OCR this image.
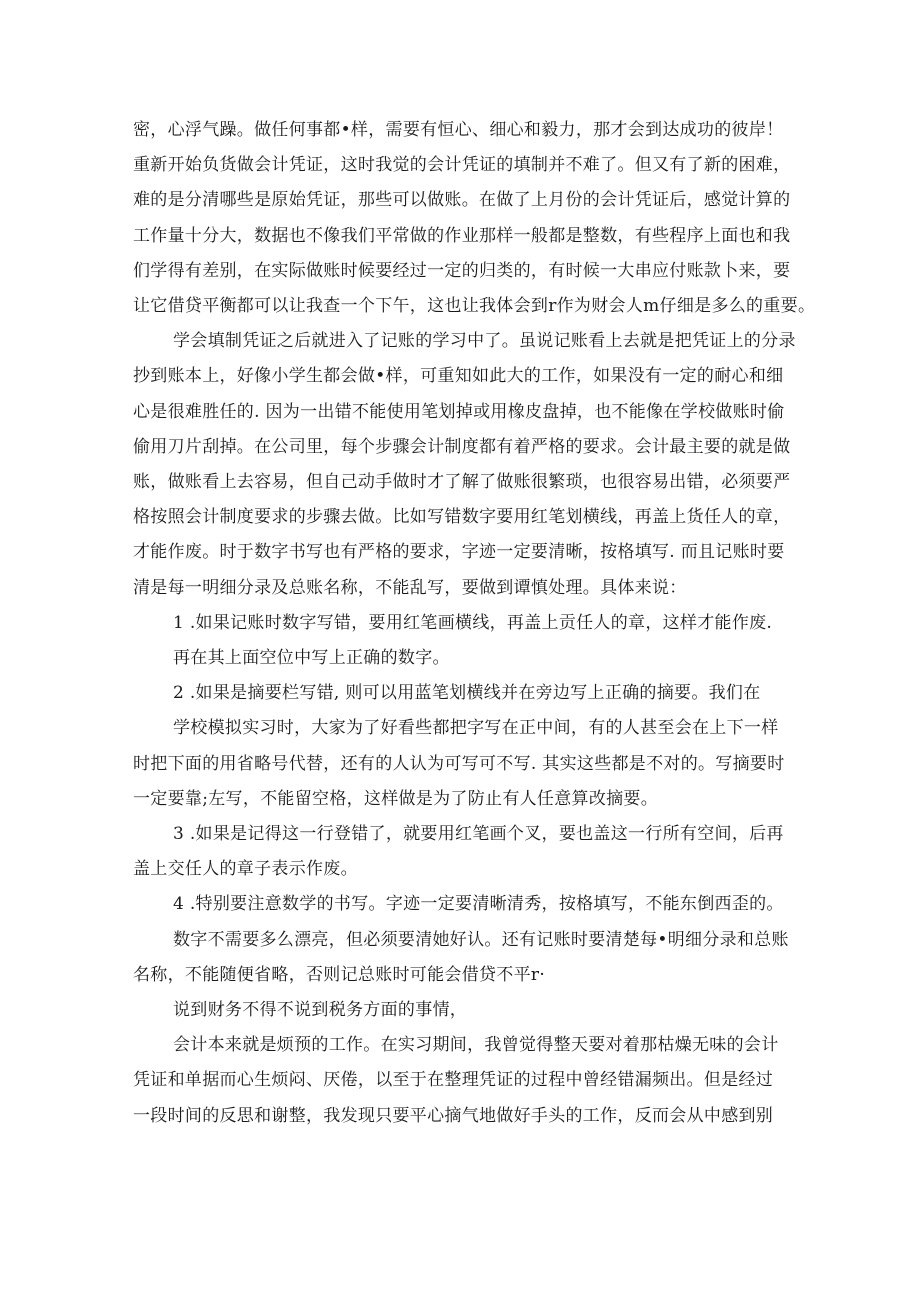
密，心浮气躁。做任何事都•样，需要有恒心、细心和毅力，那才会到达成功的彼岸！

重新开始负货做会计凭证，这时我觉的会计凭证的填制并不难了。但又有了新的困难，

难的是分清哪些是原始凭证，那些可以做账。在做了上月份的会计凭证后，感觉计算的

工作量十分大，数据也不像我们平常做的作业那样一般都是整数，有些程序上面也和我

们学得有差别，在实际做账时候要经过一定的归类的，有时候一大串应付账款卜来，要

让它借贷平衡都可以让我查一个下午，这也让我体会到r作为财会人m仔细是多么的重要。

学会填制凭证之后就进入了记账的学习中了。虽说记账看上去就是把凭证上的分录

抄到账本上，好像小学生都会做•样，可重知如此大的工作，如果没有一定的耐心和细

心是很难胜任的. 因为一出错不能使用笔划掉或用橡皮盘掉，也不能像在学校做账时偷

偷用刀片刮掉。在公司里，每个步骤会计制度都有着严格的要求。会计最主要的就是做

账，做账看上去容易，但自己动手做时才了解了做账很繁琐，也很容易出错，必须要严

格按照会计制度要求的步骤去做。比如写错数字要用红笔划横线，再盖上货任人的章，

才能作废。时于数字书写也有严格的要求，字迹一定要清晰，按格填写. 而且记账时要

清是每一明细分录及总账名称，不能乱写，要做到谭慎处理。具体来说：

1 .如果记账时数字写错，要用红笔画横线，再盖上贡任人的章，这样才能作废.

再在其上面空位中写上正确的数字。

2 .如果是摘要栏写错, 则可以用蓝笔划横线并在旁边写上正确的摘要。我们在

学校模拟实习时，大家为了好看些都把字写在正中间，有的人甚至会在上下一样

时把下面的用省略号代替，还有的人认为可写可不写. 其实这些都是不对的。写摘要时

一定要靠;左写，不能留空格，这样做是为了防止有人任意算改摘要。

3 .如果是记得这一行登错了，就要用红笔画个叉，要也盖这一行所有空间，后再

盖上交任人的章子表示作废。

4 .特别要注意数学的书写。字迹一定要清晰清秀，按格填写，不能东倒西歪的。

数字不需要多么漂亮，但必须要清她好认。还有记账时要清楚每•明细分录和总账

名称，不能随便省略，否则记总账时可能会借贷不平r·

说到财务不得不说到税务方面的事情，

会计本来就是烦预的工作。在实习期间，我曾觉得整天要对着那枯燥无味的会计

凭证和单据而心生烦闷、厌倦，以至于在整理凭证的过程中曾经错漏频出。但是经过

一段时间的反思和谢整，我发现只要平心摘气地做好手头的工作，反而会从中感到别
